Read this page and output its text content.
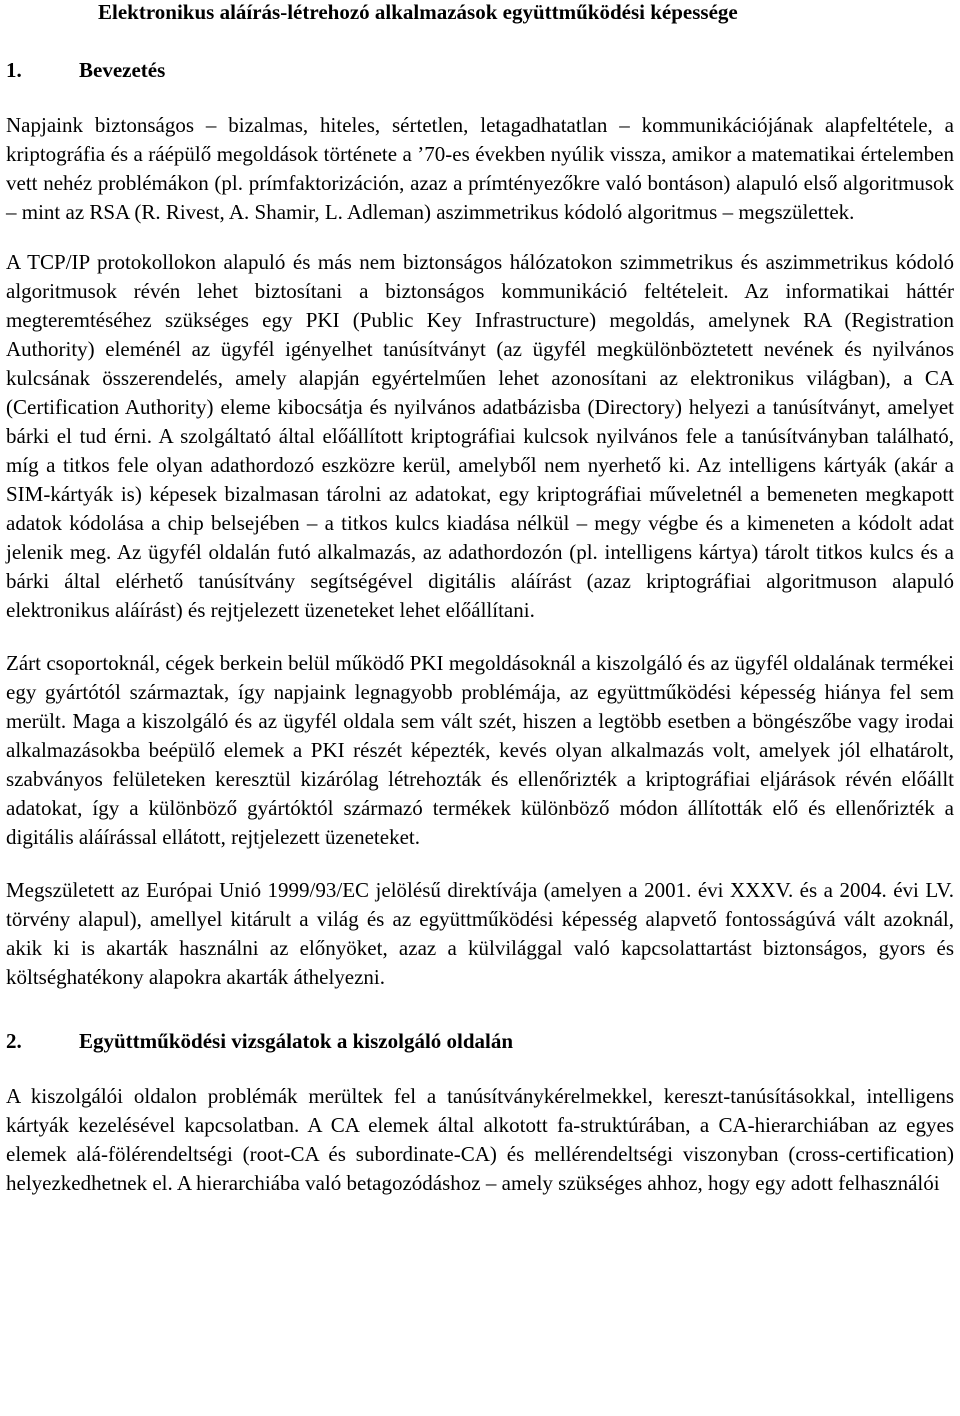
Elektronikus aláírás-létrehozó alkalmazások együttműködési képessége
1.	Bevezetés

Napjaink biztonságos – bizalmas, hiteles, sértetlen, letagadhatatlan – kommunikációjának alapfeltétele, a kriptográfia és a ráépülő megoldások története a ’70-es években nyúlik vissza, amikor a matematikai értelemben vett nehéz problémákon (pl. prímfaktorizáción, azaz a prímtényezőkre való bontáson) alapuló első algoritmusok – mint az RSA (R. Rivest, A. Shamir, L. Adleman) aszimmetrikus kódoló algoritmus – megszülettek.

A TCP/IP protokollokon alapuló és más nem biztonságos hálózatokon szimmetrikus és aszimmetrikus kódoló algoritmusok révén lehet biztosítani a biztonságos kommunikáció feltételeit. Az informatikai háttér megteremtéséhez szükséges egy PKI (Public Key Infrastructure) megoldás, amelynek RA (Registration Authority) eleménél az ügyfél igényelhet tanúsítványt (az ügyfél megkülönböztetett nevének és nyilvános kulcsának összerendelés, amely alapján egyértelműen lehet azonosítani az elektronikus világban), a CA (Certification Authority) eleme kibocsátja és nyilvános adatbázisba (Directory) helyezi a tanúsítványt, amelyet bárki el tud érni. A szolgáltató által előállított kriptográfiai kulcsok nyilvános fele a tanúsítványban található, míg a titkos fele olyan adathordozó eszközre kerül, amelyből nem nyerhető ki. Az intelligens kártyák (akár a SIM-kártyák is) képesek bizalmasan tárolni az adatokat, egy kriptográfiai műveletnél a bemeneten megkapott adatok kódolása a chip belsejében – a titkos kulcs kiadása nélkül – megy végbe és a kimeneten a kódolt adat jelenik meg. Az ügyfél oldalán futó alkalmazás, az adathordozón (pl. intelligens kártya) tárolt titkos kulcs és a bárki által elérhető tanúsítvány segítségével digitális aláírást (azaz kriptográfiai algoritmuson alapuló elektronikus aláírást) és rejtjelezett üzeneteket lehet előállítani.

Zárt csoportoknál, cégek berkein belül működő PKI megoldásoknál a kiszolgáló és az ügyfél oldalának termékei egy gyártótól származtak, így napjaink legnagyobb problémája, az együttműködési képesség hiánya fel sem merült. Maga a kiszolgáló és az ügyfél oldala sem vált szét, hiszen a legtöbb esetben a böngészőbe vagy irodai alkalmazásokba beépülő elemek a PKI részét képezték, kevés olyan alkalmazás volt, amelyek jól elhatárolt, szabványos felületeken keresztül kizárólag létrehozták és ellenőrizték a kriptográfiai eljárások révén előállt adatokat, így a különböző gyártóktól származó termékek különböző módon állították elő és ellenőrizték a digitális aláírással ellátott, rejtjelezett üzeneteket.

Megszületett az Európai Unió 1999/93/EC jelölésű direktívája (amelyen a 2001. évi XXXV. és a 2004. évi LV. törvény alapul), amellyel kitárult a világ és az együttműködési képesség alapvető fontosságúvá vált azoknál, akik ki is akarták használni az előnyöket, azaz a külvilággal való kapcsolattartást biztonságos, gyors és költséghatékony alapokra akarták áthelyezni.

2.	Együttműködési vizsgálatok a kiszolgáló oldalán

A kiszolgálói oldalon problémák merültek fel a tanúsítványkérelmekkel, kereszt-tanúsításokkal, intelligens kártyák kezelésével kapcsolatban. A CA elemek által alkotott fa-struktúrában, a CA-hierarchiában az egyes elemek alá-fölérendeltségi (root-CA és subordinate-CA) és mellérendeltségi viszonyban (cross-certification) helyezkedhetnek el. A hierarchiába való betagozódáshoz – amely szükséges ahhoz, hogy egy adott felhasználói
